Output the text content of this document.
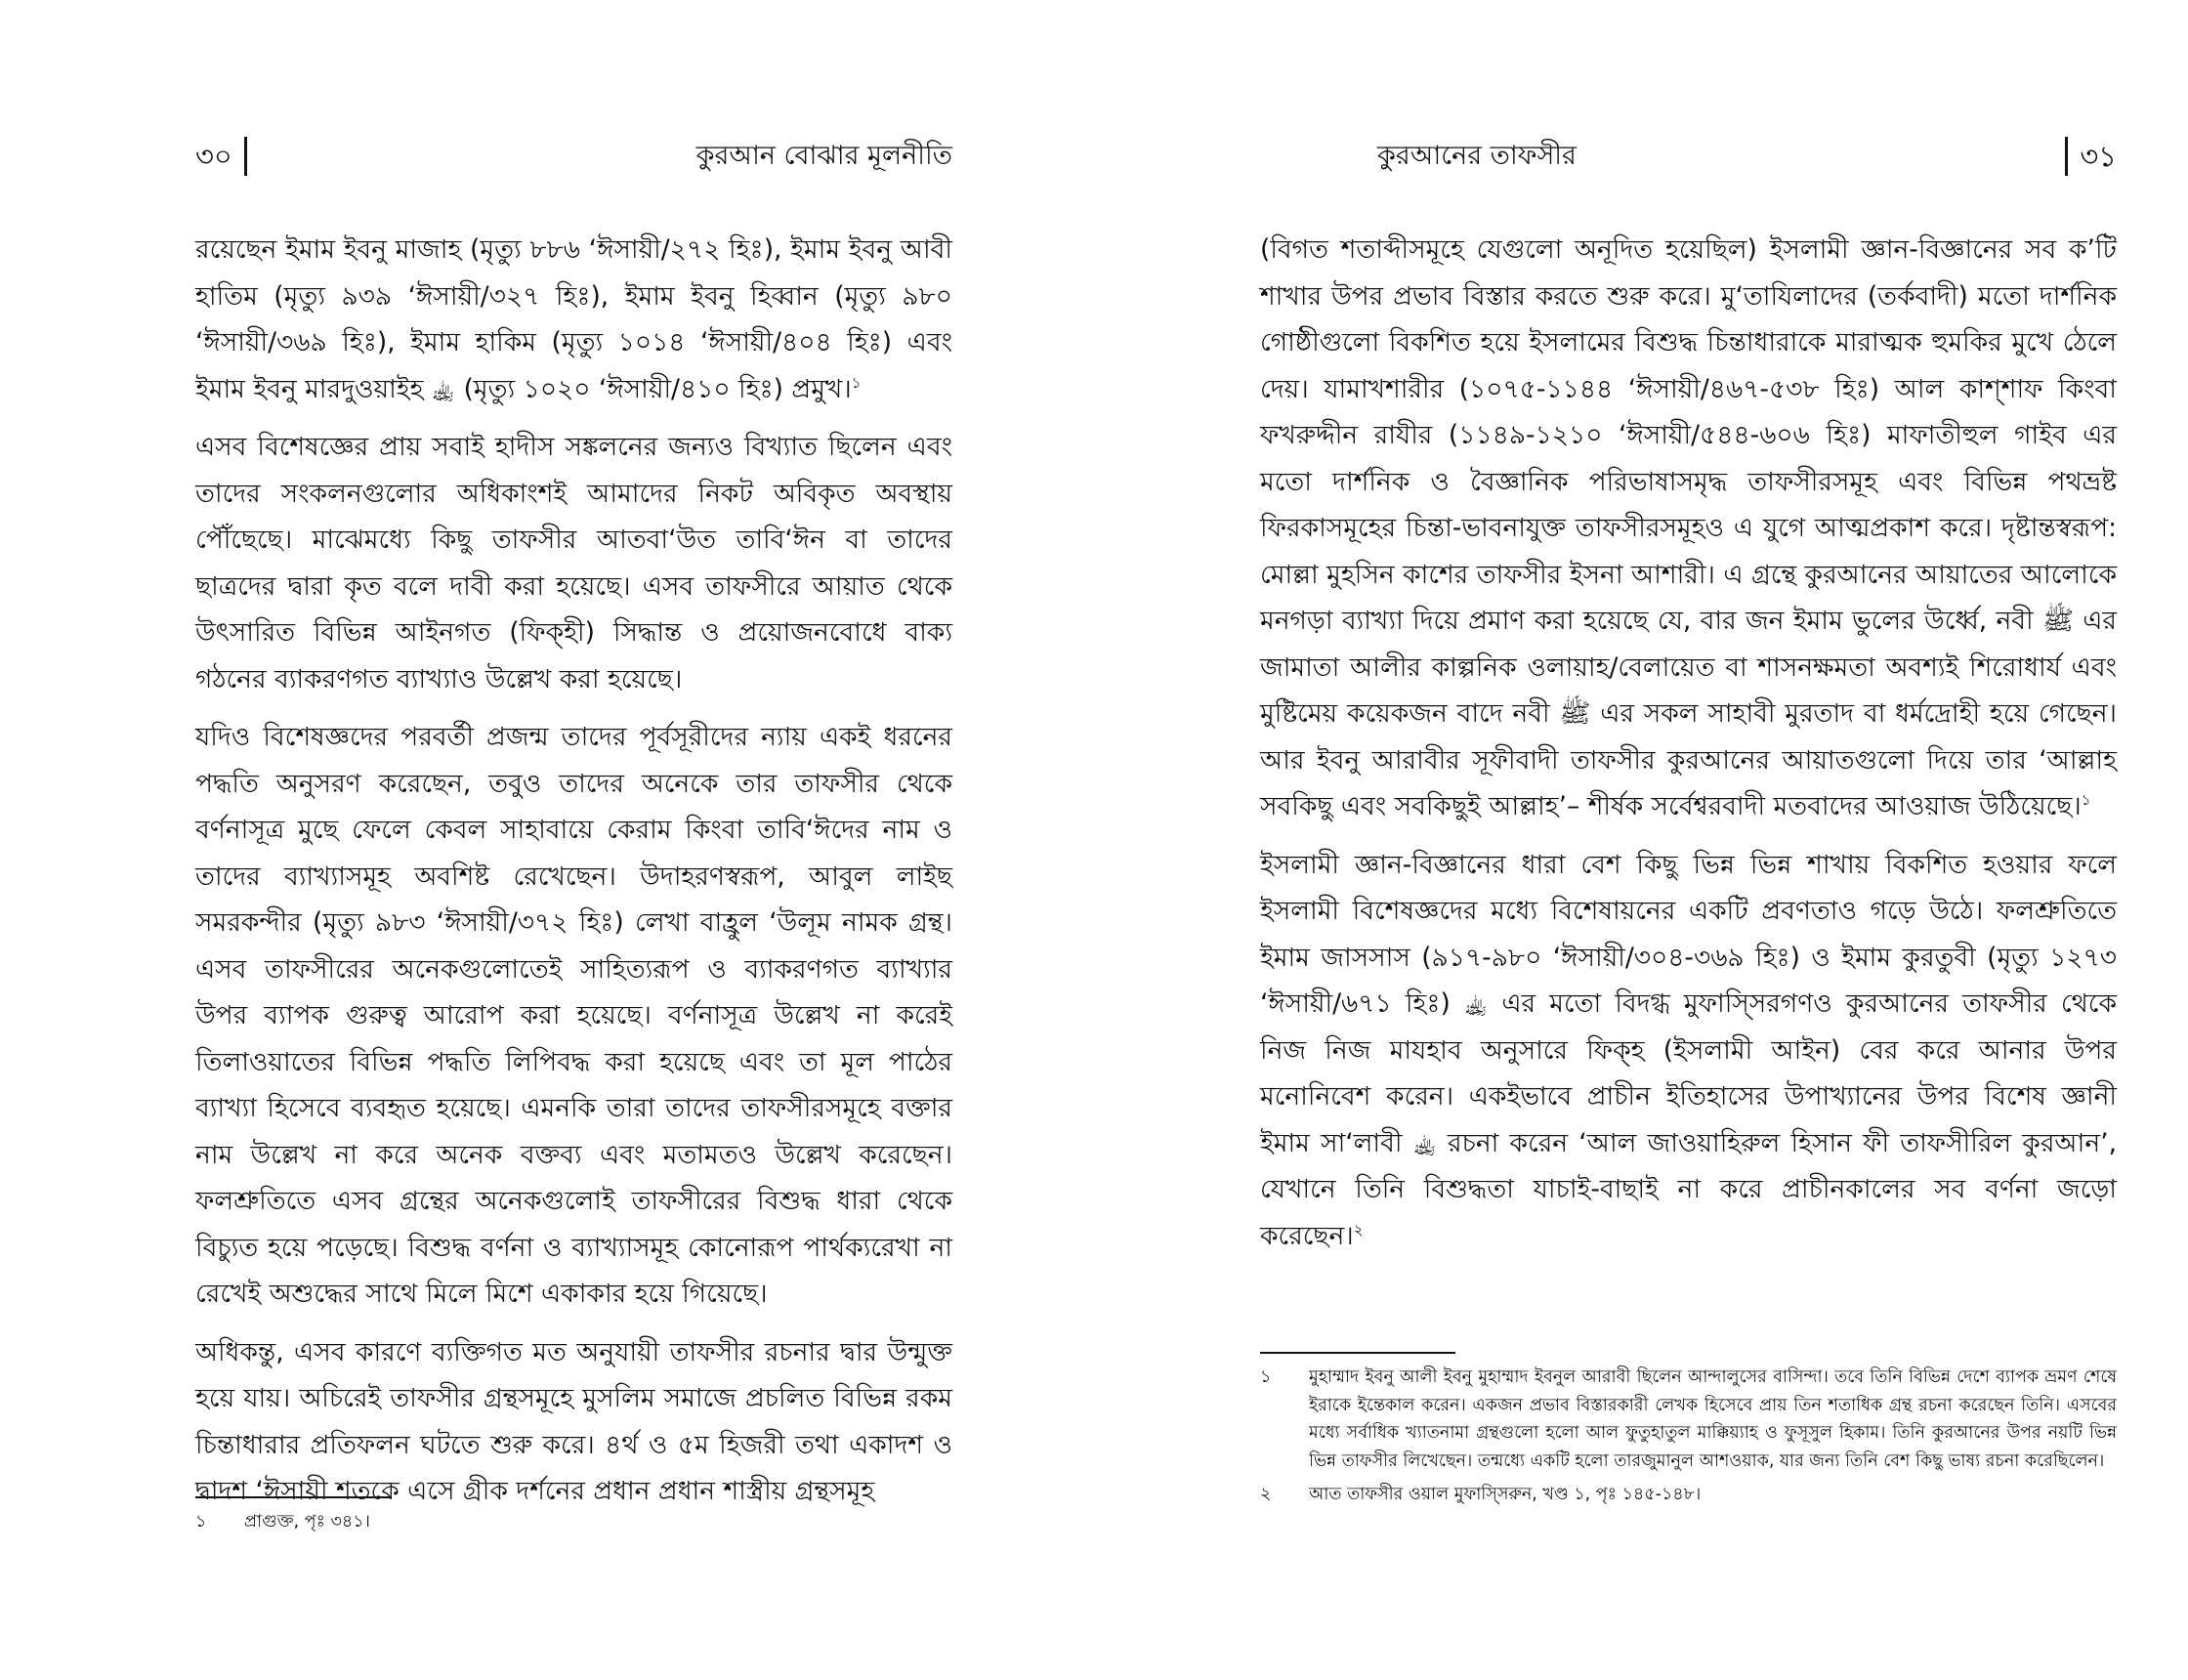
৩০	কুরআন বোঝার মূলনীতি

রয়েছেন ইমাম ইবনু মাজাহ (মৃত্যু ৮৮৬ ‘ঈসায়ী/২৭২ হিঃ), ইমাম ইবনু আবী হাতিম (মৃত্যু ৯৩৯ ‘ঈসায়ী/৩২৭ হিঃ), ইমাম ইবনু হিব্বান (মৃত্যু ৯৮০ ‘ঈসায়ী/৩৬৯ হিঃ), ইমাম হাকিম (মৃত্যু ১০১৪ ‘ঈসায়ী/৪০৪ হিঃ) এবং ইমাম ইবনু মারদুওয়াইহ ﵀ (মৃত্যু ১০২০ ‘ঈসায়ী/৪১০ হিঃ) প্রমুখ।$^১$

এসব বিশেষজ্ঞের প্রায় সবাই হাদীস সঙ্কলনের জন্যও বিখ্যাত ছিলেন এবং তাদের সংকলনগুলোর অধিকাংশই আমাদের নিকট অবিকৃত অবস্থায় পৌঁছেছে। মাঝেমধ্যে কিছু তাফসীর আতবা‘উত তাবি‘ঈন বা তাদের ছাত্রদের দ্বারা কৃত বলে দাবী করা হয়েছে। এসব তাফসীরে আয়াত থেকে উৎসারিত বিভিন্ন আইনগত (ফিক্হী) সিদ্ধান্ত ও প্রয়োজনবোধে বাক্য গঠনের ব্যাকরণগত ব্যাখ্যাও উল্লেখ করা হয়েছে।

যদিও বিশেষজ্ঞদের পরবর্তী প্রজন্ম তাদের পূর্বসূরীদের ন্যায় একই ধরনের পদ্ধতি অনুসরণ করেছেন, তবুও তাদের অনেকে তার তাফসীর থেকে বর্ণনাসূত্র মুছে ফেলে কেবল সাহাবায়ে কেরাম কিংবা তাবি‘ঈদের নাম ও তাদের ব্যাখ্যাসমূহ অবশিষ্ট রেখেছেন। উদাহরণস্বরূপ, আবুল লাইছ সমরকন্দীর (মৃত্যু ৯৮৩ ‘ঈসায়ী/৩৭২ হিঃ) লেখা বাহ্রুল ‘উলূম নামক গ্রন্থ। এসব তাফসীরের অনেকগুলোতেই সাহিত্যরূপ ও ব্যাকরণগত ব্যাখ্যার উপর ব্যাপক গুরুত্ব আরোপ করা হয়েছে। বর্ণনাসূত্র উল্লেখ না করেই তিলাওয়াতের বিভিন্ন পদ্ধতি লিপিবদ্ধ করা হয়েছে এবং তা মূল পাঠের ব্যাখ্যা হিসেবে ব্যবহৃত হয়েছে। এমনকি তারা তাদের তাফসীরসমূহে বক্তার নাম উল্লেখ না করে অনেক বক্তব্য এবং মতামতও উল্লেখ করেছেন। ফলশ্রুতিতে এসব গ্রন্থের অনেকগুলোই তাফসীরের বিশুদ্ধ ধারা থেকে বিচ্যুত হয়ে পড়েছে। বিশুদ্ধ বর্ণনা ও ব্যাখ্যাসমূহ কোনোরূপ পার্থক্যরেখা না রেখেই অশুদ্ধের সাথে মিলে মিশে একাকার হয়ে গিয়েছে।

অধিকন্তু, এসব কারণে ব্যক্তিগত মত অনুযায়ী তাফসীর রচনার দ্বার উন্মুক্ত হয়ে যায়। অচিরেই তাফসীর গ্রন্থসমূহে মুসলিম সমাজে প্রচলিত বিভিন্ন রকম চিন্তাধারার প্রতিফলন ঘটতে শুরু করে। ৪র্থ ও ৫ম হিজরী তথা একাদশ ও দ্বাদশ ‘ঈসায়ী শতকে এসে গ্রীক দর্শনের প্রধান প্রধান শাস্ত্রীয় গ্রন্থসমূহ

১	প্রাগুক্ত, পৃঃ ৩৪১।
কুরআনের তাফসীর	৩১

(বিগত শতাব্দীসমূহে যেগুলো অনূদিত হয়েছিল) ইসলামী জ্ঞান-বিজ্ঞানের সব ক’টি শাখার উপর প্রভাব বিস্তার করতে শুরু করে। মু‘তাযিলাদের (তর্কবাদী) মতো দার্শনিক গোষ্ঠীগুলো বিকশিত হয়ে ইসলামের বিশুদ্ধ চিন্তাধারাকে মারাত্মক হুমকির মুখে ঠেলে দেয়। যামাখশারীর (১০৭৫-১১৪৪ ‘ঈসায়ী/৪৬৭-৫৩৮ হিঃ) আল কাশ্শাফ কিংবা ফখরুদ্দীন রাযীর (১১৪৯-১২১০ ‘ঈসায়ী/৫৪৪-৬০৬ হিঃ) মাফাতীহুল গাইব এর মতো দার্শনিক ও বৈজ্ঞানিক পরিভাষাসমৃদ্ধ তাফসীরসমূহ এবং বিভিন্ন পথভ্রষ্ট ফিরকাসমূহের চিন্তা-ভাবনাযুক্ত তাফসীরসমূহও এ যুগে আত্মপ্রকাশ করে। দৃষ্টান্তস্বরূপ: মোল্লা মুহসিন কাশের তাফসীর ইসনা আশারী। এ গ্রন্থে কুরআনের আয়াতের আলোকে মনগড়া ব্যাখ্যা দিয়ে প্রমাণ করা হয়েছে যে, বার জন ইমাম ভুলের উর্ধ্বে, নবী ﷺ এর জামাতা আলীর কাল্পনিক ওলায়াহ/বেলায়েত বা শাসনক্ষমতা অবশ্যই শিরোধার্য এবং মুষ্টিমেয় কয়েকজন বাদে নবী ﷺ এর সকল সাহাবী মুরতাদ বা ধর্মদ্রোহী হয়ে গেছেন। আর ইবনু আরাবীর সূফীবাদী তাফসীর কুরআনের আয়াতগুলো দিয়ে তার ‘আল্লাহ সবকিছু এবং সবকিছুই আল্লাহ’– শীর্ষক সর্বেশ্বরবাদী মতবাদের আওয়াজ উঠিয়েছে।$^১$

ইসলামী জ্ঞান-বিজ্ঞানের ধারা বেশ কিছু ভিন্ন ভিন্ন শাখায় বিকশিত হওয়ার ফলে ইসলামী বিশেষজ্ঞদের মধ্যে বিশেষায়নের একটি প্রবণতাও গড়ে উঠে। ফলশ্রুতিতে ইমাম জাসসাস (৯১৭-৯৮০ ‘ঈসায়ী/৩০৪-৩৬৯ হিঃ) ও ইমাম কুরতুবী (মৃত্যু ১২৭৩ ‘ঈসায়ী/৬৭১ হিঃ) ﵀ এর মতো বিদগ্ধ মুফাস্সিরগণও কুরআনের তাফসীর থেকে নিজ নিজ মাযহাব অনুসারে ফিক্হ (ইসলামী আইন) বের করে আনার উপর মনোনিবেশ করেন। একইভাবে প্রাচীন ইতিহাসের উপাখ্যানের উপর বিশেষ জ্ঞানী ইমাম সা‘লাবী ﵀ রচনা করেন ‘আল জাওয়াহিরুল হিসান ফী তাফসীরিল কুরআন’, যেখানে তিনি বিশুদ্ধতা যাচাই-বাছাই না করে প্রাচীনকালের সব বর্ণনা জড়ো করেছেন।$^২$

১	মুহাম্মাদ ইবনু আলী ইবনু মুহাম্মাদ ইবনুল আরাবী ছিলেন আন্দালুসের বাসিন্দা। তবে তিনি বিভিন্ন দেশে ব্যাপক ভ্রমণ শেষে ইরাকে ইন্তেকাল করেন। একজন প্রভাব বিস্তারকারী লেখক হিসেবে প্রায় তিন শতাধিক গ্রন্থ রচনা করেছেন তিনি। এসবের মধ্যে সর্বাধিক খ্যাতনামা গ্রন্থগুলো হলো আল ফুতুহাতুল মাক্কিয়্যাহ ও ফুসূসুল হিকাম। তিনি কুরআনের উপর নয়টি ভিন্ন ভিন্ন তাফসীর লিখেছেন। তন্মধ্যে একটি হলো তারজুমানুল আশওয়াক, যার জন্য তিনি বেশ কিছু ভাষ্য রচনা করেছিলেন।
২	আত তাফসীর ওয়াল মুফাস্সিরুন, খণ্ড ১, পৃঃ ১৪৫-১৪৮।
